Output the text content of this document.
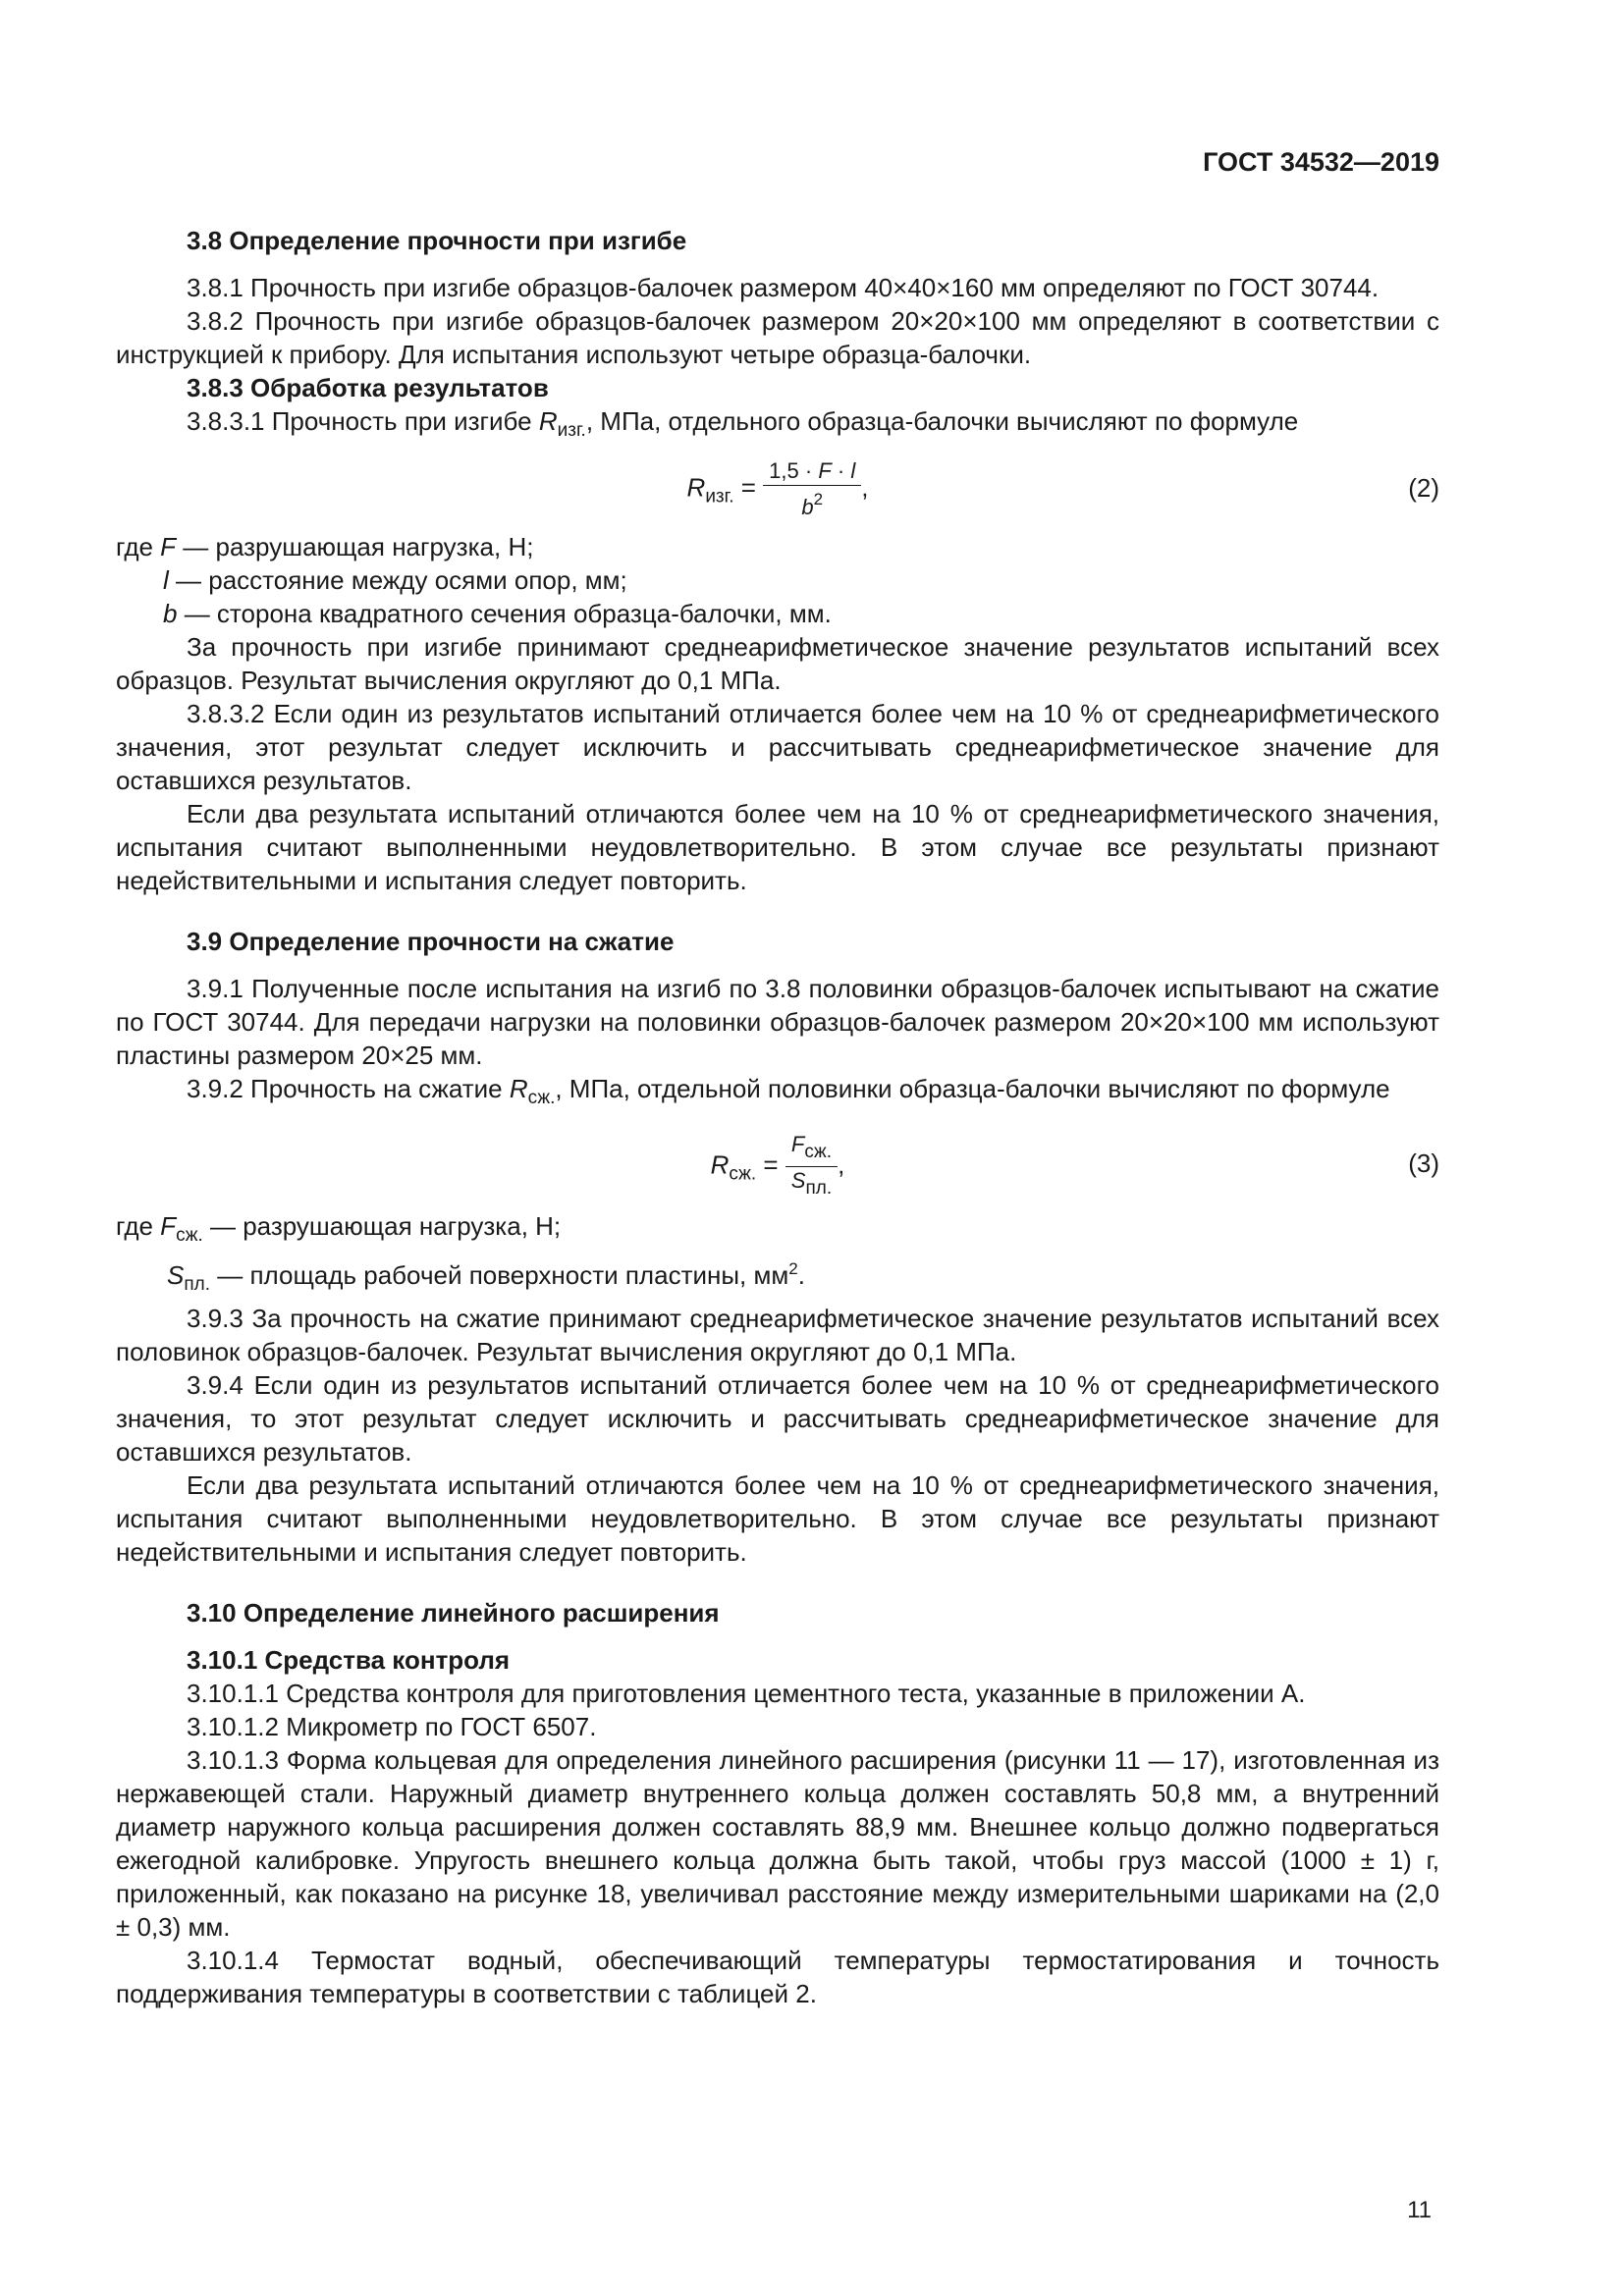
ГОСТ 34532—2019

3.8 Определение прочности при изгибе

3.8.1 Прочность при изгибе образцов-балочек размером 40×40×160 мм определяют по ГОСТ 30744.

3.8.2 Прочность при изгибе образцов-балочек размером 20×20×100 мм определяют в соответствии с инструкцией к прибору. Для испытания используют четыре образца-балочки.

3.8.3 Обработка результатов

3.8.3.1 Прочность при изгибе $R_{изг.}$, МПа, отдельного образца-балочки вычисляют по формуле

$R_{изг.} = \frac{1,5 \cdot F \cdot l}{b^2}$ ,	(2)

где F — разрушающая нагрузка, Н;

l — расстояние между осями опор, мм;

b — сторона квадратного сечения образца-балочки, мм.

За прочность при изгибе принимают среднеарифметическое значение результатов испытаний всех образцов. Результат вычисления округляют до 0,1 МПа.

3.8.3.2 Если один из результатов испытаний отличается более чем на 10 % от среднеарифметического значения, этот результат следует исключить и рассчитывать среднеарифметическое значение для оставшихся результатов.

Если два результата испытаний отличаются более чем на 10 % от среднеарифметического значения, испытания считают выполненными неудовлетворительно. В этом случае все результаты признают недействительными и испытания следует повторить.

3.9 Определение прочности на сжатие

3.9.1 Полученные после испытания на изгиб по 3.8 половинки образцов-балочек испытывают на сжатие по ГОСТ 30744. Для передачи нагрузки на половинки образцов-балочек размером 20×20×100 мм используют пластины размером 20×25 мм.

3.9.2 Прочность на сжатие $R_{сж.}$, МПа, отдельной половинки образца-балочки вычисляют по формуле

$R_{сж.} = \frac{\text{Fсж.}}{\text{Sпл.}}$ ,	(3)

где $F_{сж.}$ — разрушающая нагрузка, Н;

$S_{пл.}$ — площадь рабочей поверхности пластины, $мм^2$.

3.9.3 За прочность на сжатие принимают среднеарифметическое значение результатов испытаний всех половинок образцов-балочек. Результат вычисления округляют до 0,1 МПа.

3.9.4 Если один из результатов испытаний отличается более чем на 10 % от среднеарифметического значения, то этот результат следует исключить и рассчитывать среднеарифметическое значение для оставшихся результатов.

Если два результата испытаний отличаются более чем на 10 % от среднеарифметического значения, испытания считают выполненными неудовлетворительно. В этом случае все результаты признают недействительными и испытания следует повторить.

3.10 Определение линейного расширения

3.10.1 Средства контроля

3.10.1.1 Средства контроля для приготовления цементного теста, указанные в приложении А.

3.10.1.2 Микрометр по ГОСТ 6507.

3.10.1.3 Форма кольцевая для определения линейного расширения (рисунки 11 — 17), изготовленная из нержавеющей стали. Наружный диаметр внутреннего кольца должен составлять 50,8 мм, а внутренний диаметр наружного кольца расширения должен составлять 88,9 мм. Внешнее кольцо должно подвергаться ежегодной калибровке. Упругость внешнего кольца должна быть такой, чтобы груз массой (1000 ± 1) г, приложенный, как показано на рисунке 18, увеличивал расстояние между измерительными шариками на (2,0 ± 0,3) мм.

3.10.1.4 Термостат водный, обеспечивающий температуры термостатирования и точность поддерживания температуры в соответствии с таблицей 2.

11
